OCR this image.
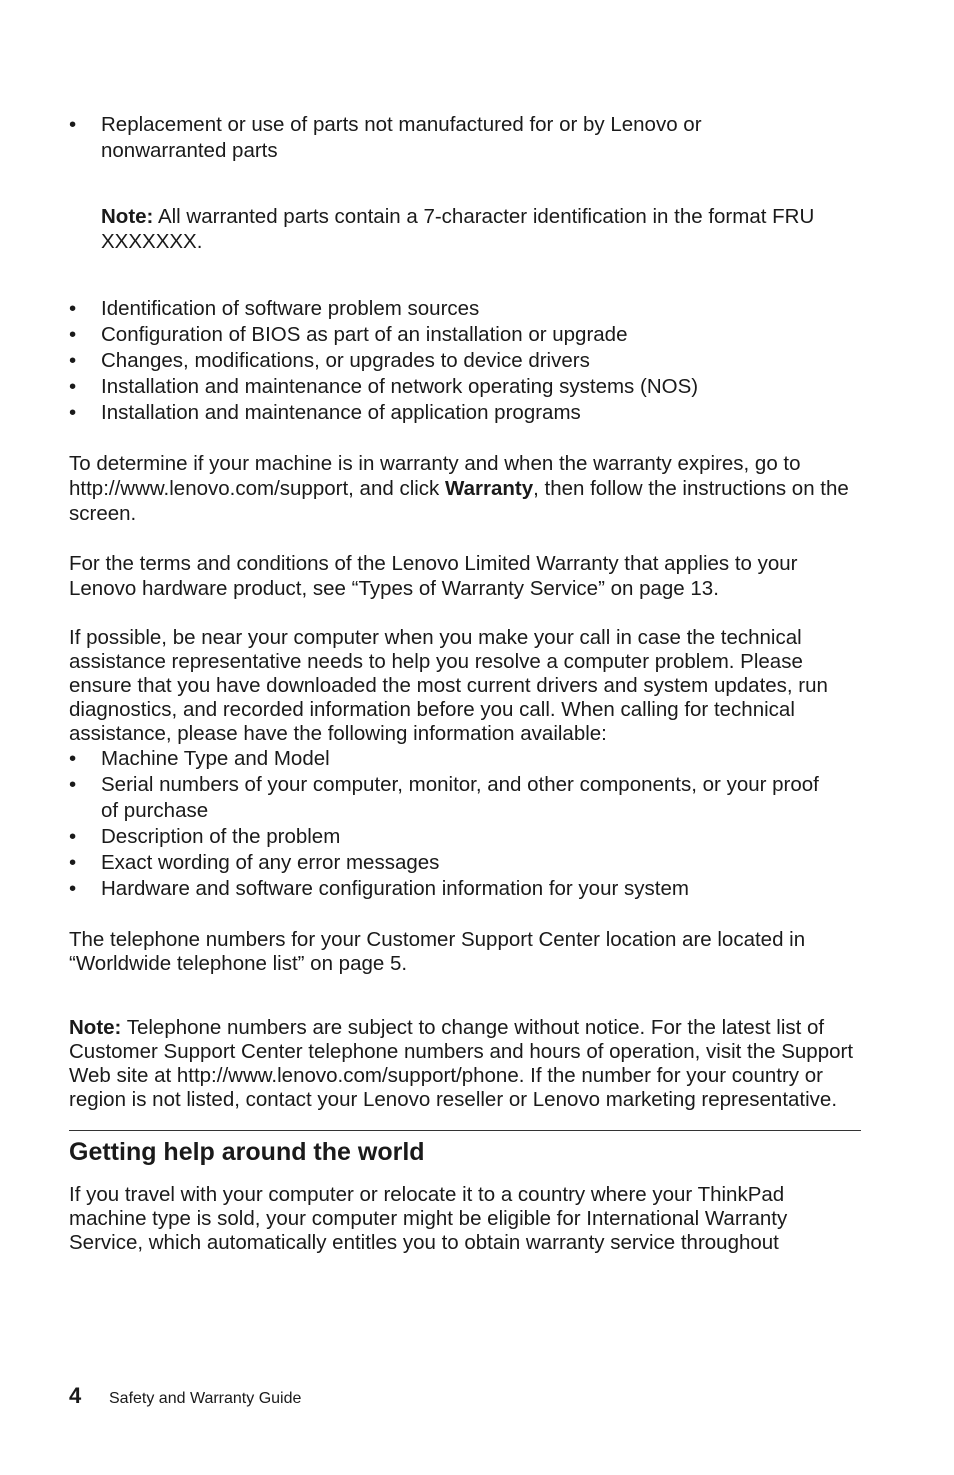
• Replacement or use of parts not manufactured for or by Lenovo or nonwarranted parts

Note: All warranted parts contain a 7-character identification in the format FRU XXXXXXX.

• Identification of software problem sources
• Configuration of BIOS as part of an installation or upgrade
• Changes, modifications, or upgrades to device drivers
• Installation and maintenance of network operating systems (NOS)
• Installation and maintenance of application programs

To determine if your machine is in warranty and when the warranty expires, go to http://www.lenovo.com/support, and click Warranty, then follow the instructions on the screen.

For the terms and conditions of the Lenovo Limited Warranty that applies to your Lenovo hardware product, see “Types of Warranty Service” on page 13.

If possible, be near your computer when you make your call in case the technical assistance representative needs to help you resolve a computer problem. Please ensure that you have downloaded the most current drivers and system updates, run diagnostics, and recorded information before you call. When calling for technical assistance, please have the following information available:

• Machine Type and Model
• Serial numbers of your computer, monitor, and other components, or your proof of purchase
• Description of the problem
• Exact wording of any error messages
• Hardware and software configuration information for your system

The telephone numbers for your Customer Support Center location are located in “Worldwide telephone list” on page 5.

Note: Telephone numbers are subject to change without notice. For the latest list of Customer Support Center telephone numbers and hours of operation, visit the Support Web site at http://www.lenovo.com/support/phone. If the number for your country or region is not listed, contact your Lenovo reseller or Lenovo marketing representative.

Getting help around the world

If you travel with your computer or relocate it to a country where your ThinkPad machine type is sold, your computer might be eligible for International Warranty Service, which automatically entitles you to obtain warranty service throughout

4	Safety and Warranty Guide
